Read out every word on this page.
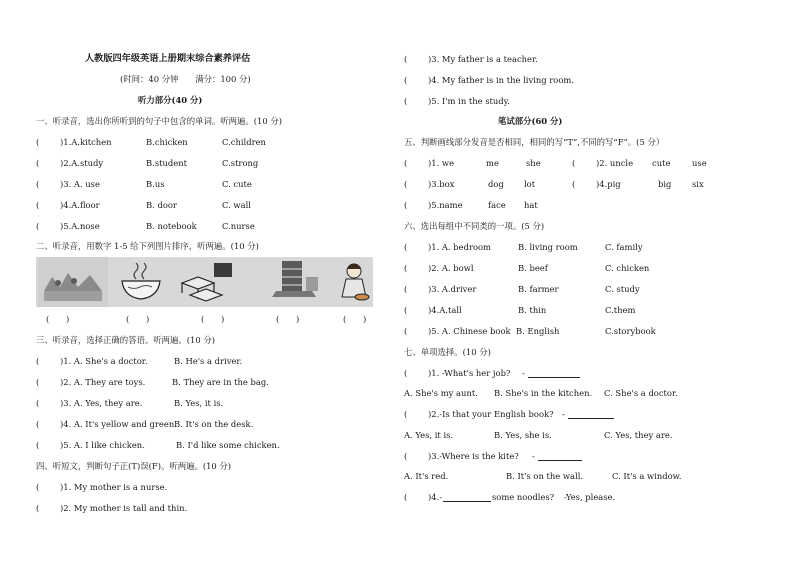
人教版四年级英语上册期末综合素养评估
(时间：40 分钟　　满分：100 分)
听力部分(40 分)
一、听录音，选出你所听到的句子中包含的单词。听两遍。(10 分)
( )1.A.kitchen	B.chicken	C.children
( )2.A.study	B.student	C.strong
( )3. A. use	B.us	C. cute
( )4.A.floor	B. door	C. wall
( )5.A.nose	B. notebook	C.nurse
二、听录音，用数字 1-5 给下列图片排序，听两遍。(10 分)
(　　)	(　　)	(　　)	(　　)	(　　)
三、听录音，选择正确的答语。听两遍。(10 分)
( )1. A. She's a doctor.	B. He's a driver.
( )2. A. They are toys.	B. They are in the bag.
( )3. A. Yes, they are.	B. Yes, it is.
( )4. A. It's yellow and green.
B. It's on the desk.
( )5. A. I like chicken.	B. I'd like some chicken.
四、听短文，判断句子正(T)误(F)。听两遍。(10 分)
( )1. My mother is a nurse.
( )2. My mother is tall and thin.
( )3. My father is a teacher.
( )4. My father is in the living room.
( )5. I'm in the study.
笔试部分(60 分)
五、判断画线部分发音是否相同，相同的写“T”,不同的写“F”。(5 分）
( )1. we	me	she	( )2. uncle cute	use
( )3.box	dog lot	( )4.pig	big six
( )5.name	face hat
六、选出每组中不同类的一项。(5 分)
( )1. A. bedroom	B. living room	C. family
( )2. A. bowl	B. beef	C. chicken
( )3. A.driver	B. farmer	C. study
( )4.A.tall	B. thin	C.them
( )5. A. Chinese book B. English	C.storybook
七、单项选择。(10 分)
( )1. -What's her job? -
A. She's my aunt. B. She's in the kitchen. C. She's a doctor.
( )2.-Is that your English book? -
A. Yes, it is.	B. Yes, she is.	C. Yes, they are.
( )3.-Where is the kite? -
A. It's red.	B. It's on the wall.	C. It's a window.
( )4.-	some noodles? -Yes, please.
